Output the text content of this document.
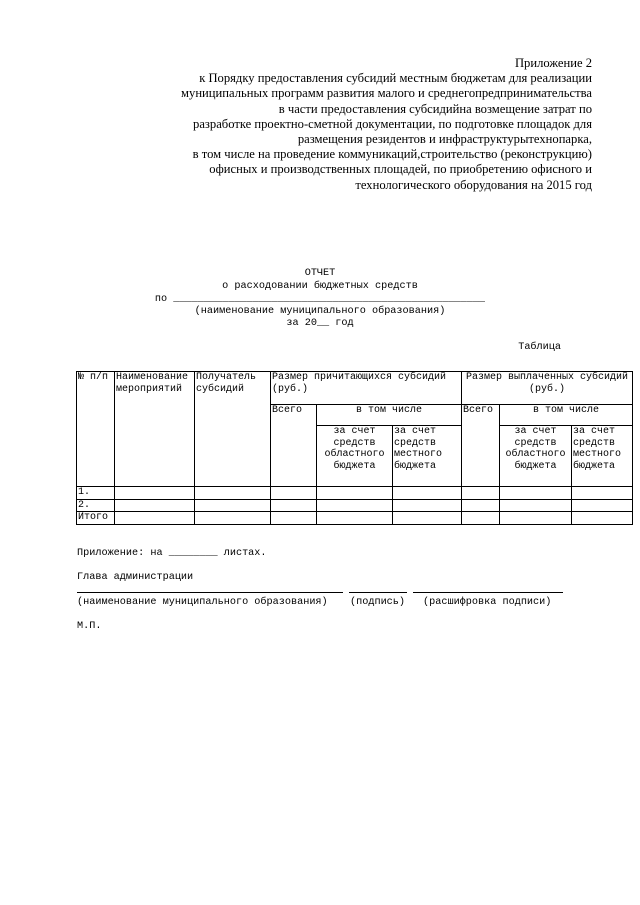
Приложение 2
к Порядку предоставления субсидий местным бюджетам для реализации
муниципальных программ развития малого и среднегопредпринимательства
в части предоставления субсидийна возмещение затрат по
разработке проектно-сметной документации, по подготовке площадок для
размещения резидентов и инфраструктурытехнопарка,
в том числе на проведение коммуникаций,строительство (реконструкцию)
офисных и производственных площадей, по приобретению офисного и
технологического оборудования на 2015 год
ОТЧЕТ
о расходовании бюджетных средств
по ___________________________________________________
(наименование муниципального образования)
за 20__ год
Таблица
№ п/п	Наименование мероприятий	Получатель субсидий	Размер причитающихся субсидий (руб.)			Размер выплаченных субсидий (руб.)		
			Всего	в том числе		Всего	в том числе	
				за счет средств областного бюджета	за счет средств местного бюджета		за счет средств областного бюджета	за счет средств местного бюджета
1.								
2.								
Итого								
Приложение: на ________ листах.
Глава администрации
(наименование муниципального образования) (подпись) (расшифровка подписи)
М.П.
